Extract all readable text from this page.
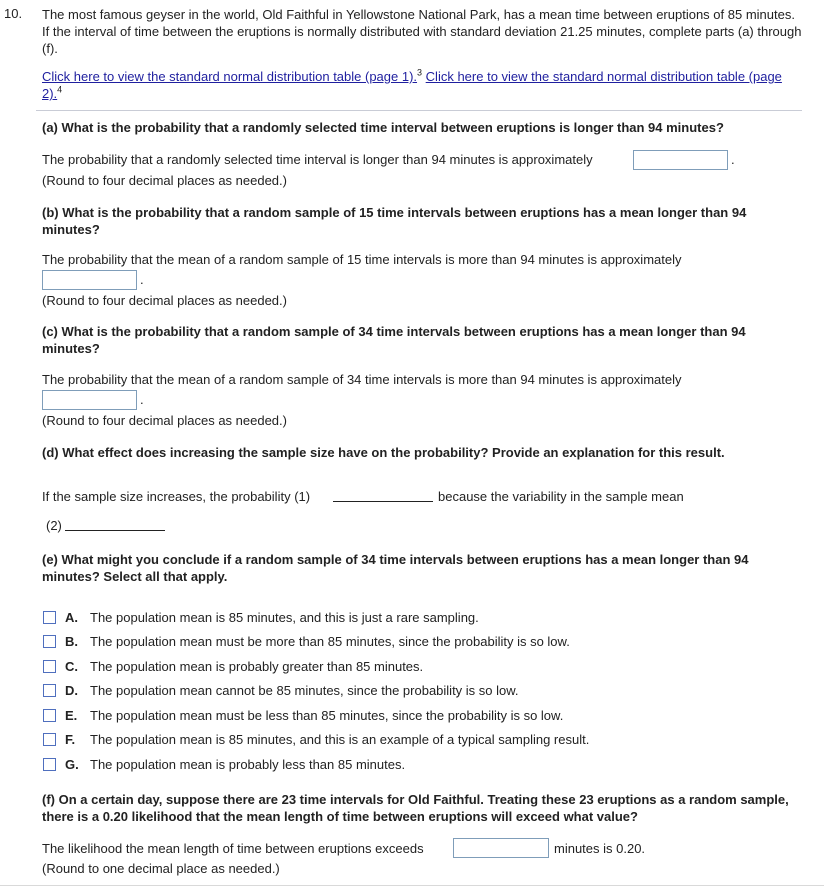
10. The most famous geyser in the world, Old Faithful in Yellowstone National Park, has a mean time between eruptions of 85 minutes. If the interval of time between the eruptions is normally distributed with standard deviation 21.25 minutes, complete parts (a) through (f).
Click here to view the standard normal distribution table (page 1).$^3$ Click here to view the standard normal distribution table (page 2).$^4$
(a) What is the probability that a randomly selected time interval between eruptions is longer than 94 minutes?
The probability that a randomly selected time interval is longer than 94 minutes is approximately	.
(Round to four decimal places as needed.)
(b) What is the probability that a random sample of 15 time intervals between eruptions has a mean longer than 94 minutes?
The probability that the mean of a random sample of 15 time intervals is more than 94 minutes is approximately
.
(Round to four decimal places as needed.)
(c) What is the probability that a random sample of 34 time intervals between eruptions has a mean longer than 94 minutes?
The probability that the mean of a random sample of 34 time intervals is more than 94 minutes is approximately
.
(Round to four decimal places as needed.)
(d) What effect does increasing the sample size have on the probability? Provide an explanation for this result.
If the sample size increases, the probability (1)	because the variability in the sample mean
(2)
(e) What might you conclude if a random sample of 34 time intervals between eruptions has a mean longer than 94 minutes? Select all that apply.
A. The population mean is 85 minutes, and this is just a rare sampling.
B. The population mean must be more than 85 minutes, since the probability is so low.
C. The population mean is probably greater than 85 minutes.
D. The population mean cannot be 85 minutes, since the probability is so low.
E. The population mean must be less than 85 minutes, since the probability is so low.
F. The population mean is 85 minutes, and this is an example of a typical sampling result.
G. The population mean is probably less than 85 minutes.
(f) On a certain day, suppose there are 23 time intervals for Old Faithful. Treating these 23 eruptions as a random sample, there is a 0.20 likelihood that the mean length of time between eruptions will exceed what value?
The likelihood the mean length of time between eruptions exceeds	minutes is 0.20.
(Round to one decimal place as needed.)
